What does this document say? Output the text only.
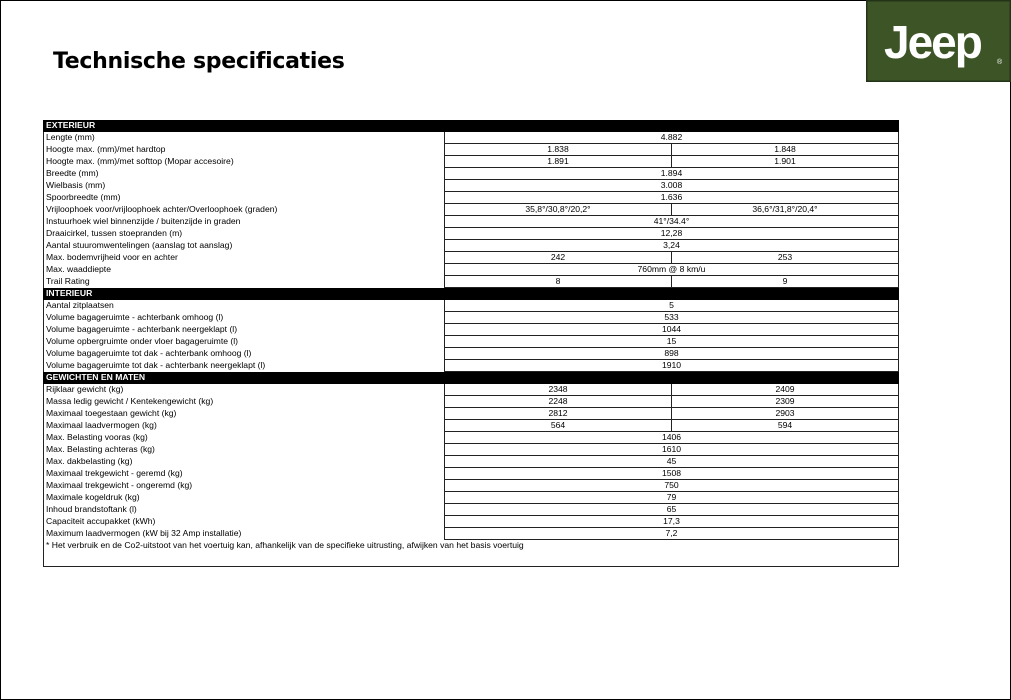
Jeep ®
Technische specificaties
EXTERIEUR		
Lengte (mm)	4.882	
Hoogte max. (mm)/met hardtop	1.838	1.848
Hoogte max. (mm)/met softtop (Mopar accesoire)	1.891	1.901
Breedte (mm)	1.894	
Wielbasis (mm)	3.008	
Spoorbreedte (mm)	1.636	
Vrijloophoek voor/vrijloophoek achter/Overloophoek (graden)	35,8°/30,8°/20,2°	36,6°/31,8°/20,4°
Instuurhoek wiel binnenzijde / buitenzijde in graden	41°/34.4°	
Draaicirkel, tussen stoepranden (m)	12,28	
Aantal stuuromwentelingen (aanslag tot aanslag)	3,24	
Max. bodemvrijheid voor en achter	242	253
Max. waaddiepte	760mm @ 8 km/u	
Trail Rating	8	9
INTERIEUR		
Aantal zitplaatsen	5	
Volume bagageruimte - achterbank omhoog (l)	533	
Volume bagageruimte - achterbank neergeklapt (l)	1044	
Volume opbergruimte onder vloer bagageruimte (l)	15	
Volume bagageruimte tot dak - achterbank omhoog (l)	898	
Volume bagageruimte tot dak - achterbank neergeklapt (l)	1910	
GEWICHTEN EN MATEN		
Rijklaar gewicht (kg)	2348	2409
Massa ledig gewicht / Kentekengewicht (kg)	2248	2309
Maximaal toegestaan gewicht (kg)	2812	2903
Maximaal laadvermogen (kg)	564	594
Max. Belasting vooras (kg)	1406	
Max. Belasting achteras (kg)	1610	
Max. dakbelasting (kg)	45	
Maximaal trekgewicht - geremd (kg)	1508	
Maximaal trekgewicht - ongeremd (kg)	750	
Maximale kogeldruk (kg)	79	
Inhoud brandstoftank (l)	65	
Capaciteit accupakket (kWh)	17,3	
Maximum laadvermogen (kW bij 32 Amp installatie)	7,2	
* Het verbruik en de Co2-uitstoot van het voertuig kan, afhankelijk van de specifieke uitrusting, afwijken van het basis voertuig		
